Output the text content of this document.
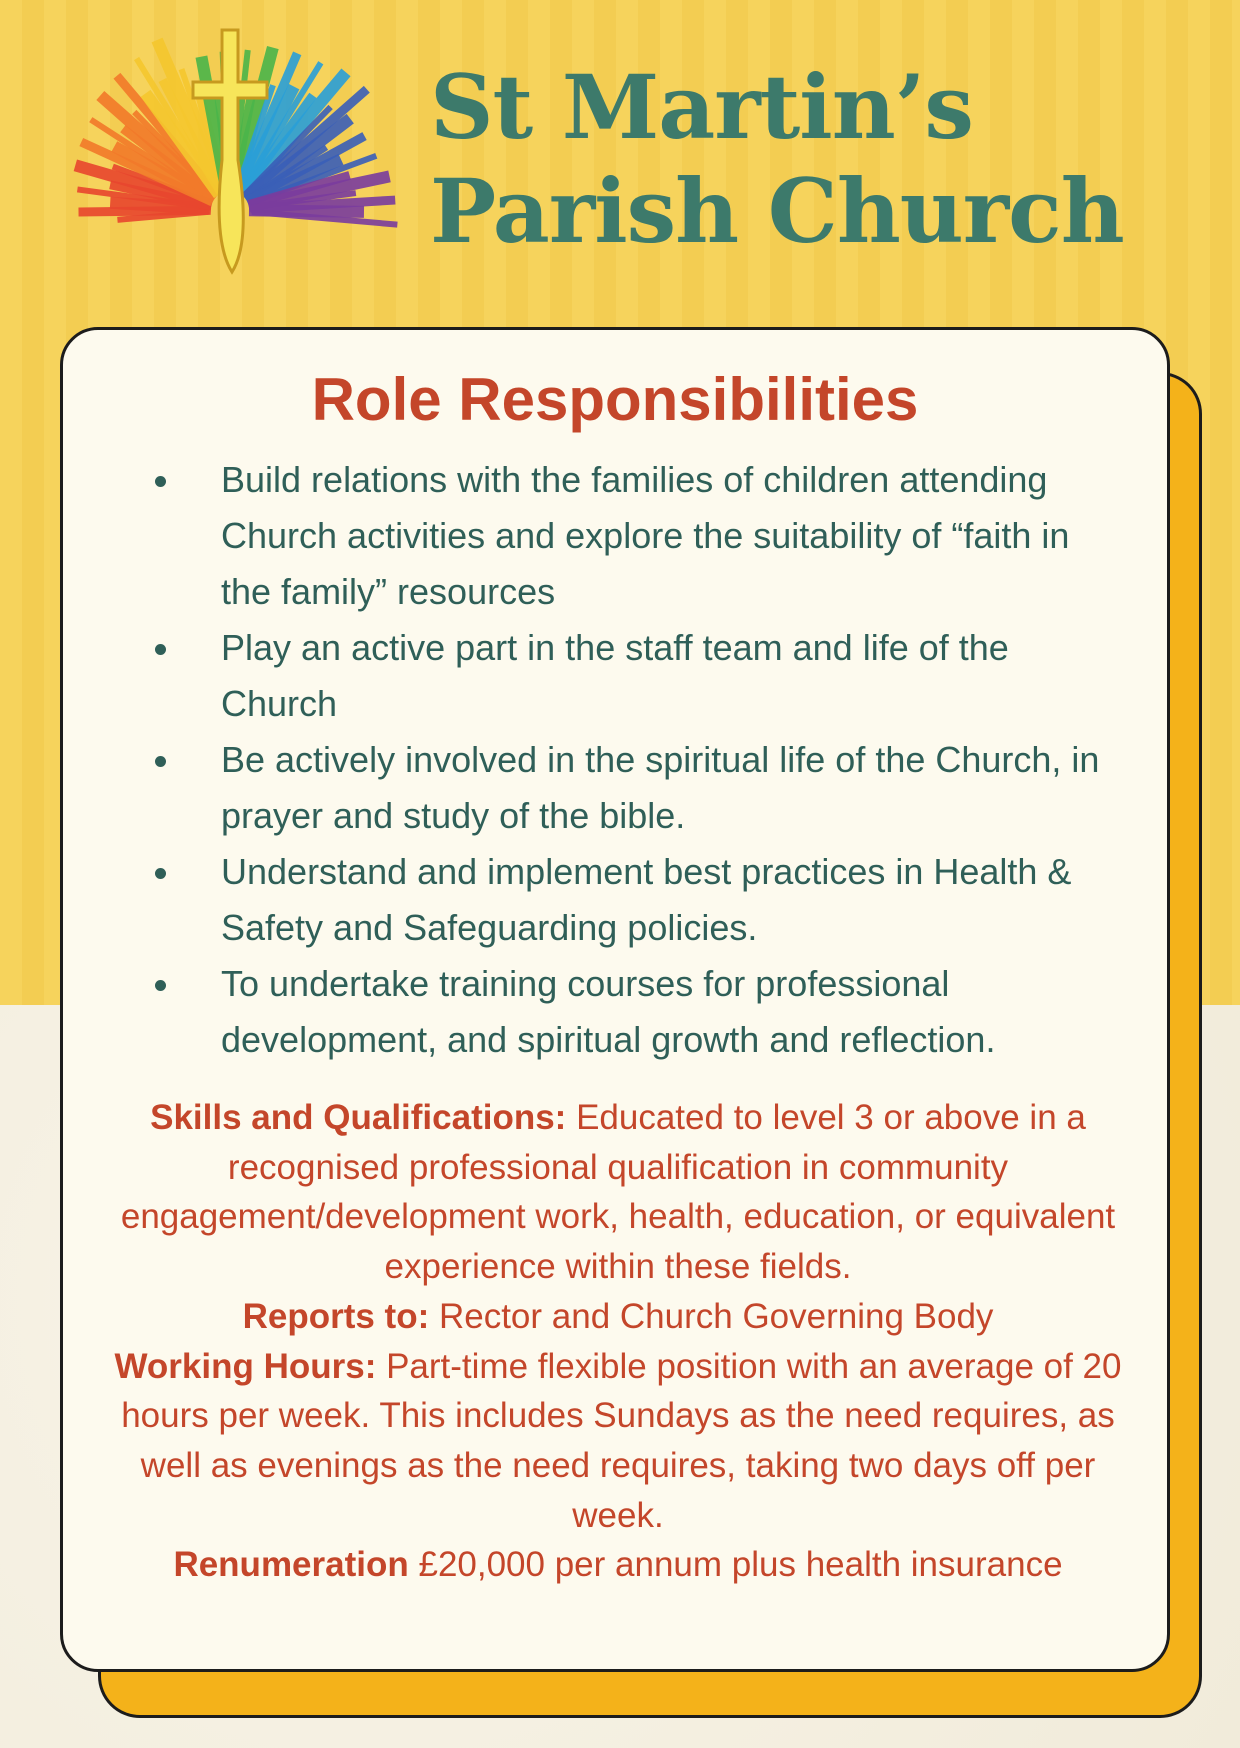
St Martin’s
Parish Church
Role Responsibilities
Build relations with the families of children attending Church activities and explore the suitability of “faith in the family” resources
Play an active part in the staff team and life of the Church
Be actively involved in the spiritual life of the Church, in prayer and study of the bible.
Understand and implement best practices in Health & Safety and Safeguarding policies.
To undertake training courses for professional development, and spiritual growth and reflection.

Skills and Qualifications: Educated to level 3 or above in a recognised professional qualification in community engagement/development work, health, education, or equivalent experience within these fields.

Reports to: Rector and Church Governing Body

Working Hours: Part-time flexible position with an average of 20 hours per week. This includes Sundays as the need requires, as well as evenings as the need requires, taking two days off per week.

Renumeration £20,000 per annum plus health insurance
